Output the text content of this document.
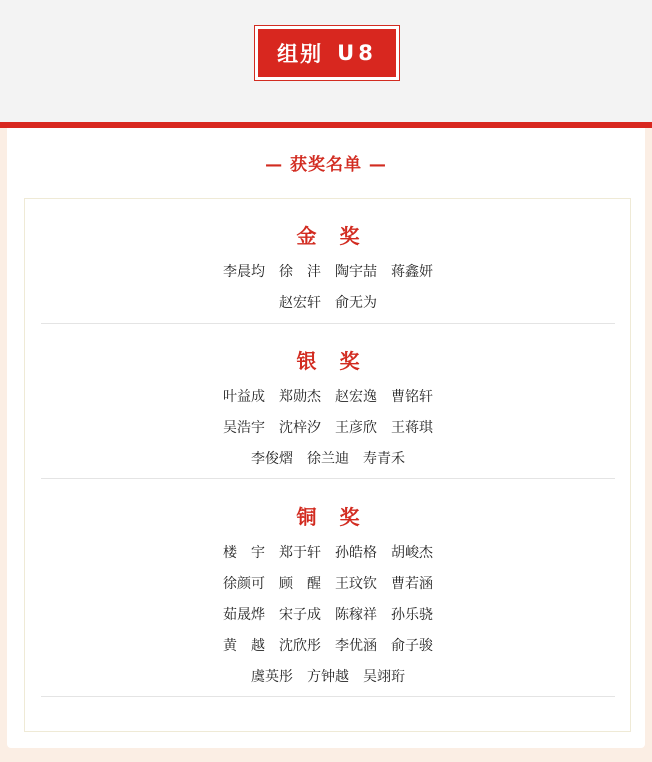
组别 U8
— 获奖名单 —
金 奖
李晨均 徐　沣 陶宇喆 蒋鑫妍
赵宏轩 俞无为
银 奖
叶益成 郑勋杰 赵宏逸 曹铭轩
吴浩宇 沈梓汐 王彦欣 王蒋琪
李俊熠 徐兰迪 寿青禾
铜 奖
楼　宇 郑于轩 孙皓格 胡峻杰
徐颜可 顾　醒 王玟钦 曹若涵
茹晟烨 宋子成 陈稼祥 孙乐骁
黄　越 沈欣彤 李优涵 俞子骏
虞英彤 方钟越 吴翊珩
